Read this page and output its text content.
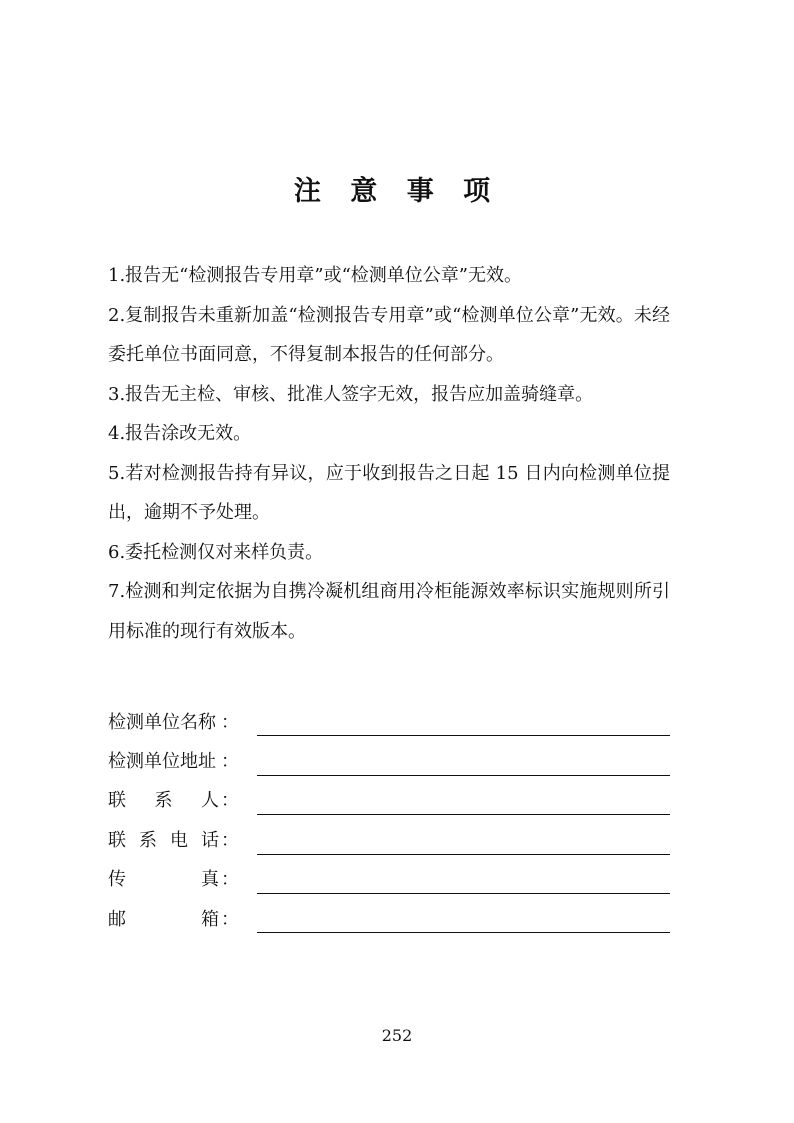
注 意 事 项
1.报告无“检测报告专用章”或“检测单位公章”无效。
2.复制报告未重新加盖“检测报告专用章”或“检测单位公章”无效。未经委托单位书面同意，不得复制本报告的任何部分。
3.报告无主检、审核、批准人签字无效，报告应加盖骑缝章。
4.报告涂改无效。
5.若对检测报告持有异议，应于收到报告之日起 15 日内向检测单位提出，逾期不予处理。
6.委托检测仅对来样负责。
7.检测和判定依据为自携冷凝机组商用冷柜能源效率标识实施规则所引用标准的现行有效版本。
检 测 单 位 名 称 ：
检 测 单 位 地 址 ：
联 系 人 ：
联 系 电 话 ：
传	真 ：
邮	箱 ：
252
